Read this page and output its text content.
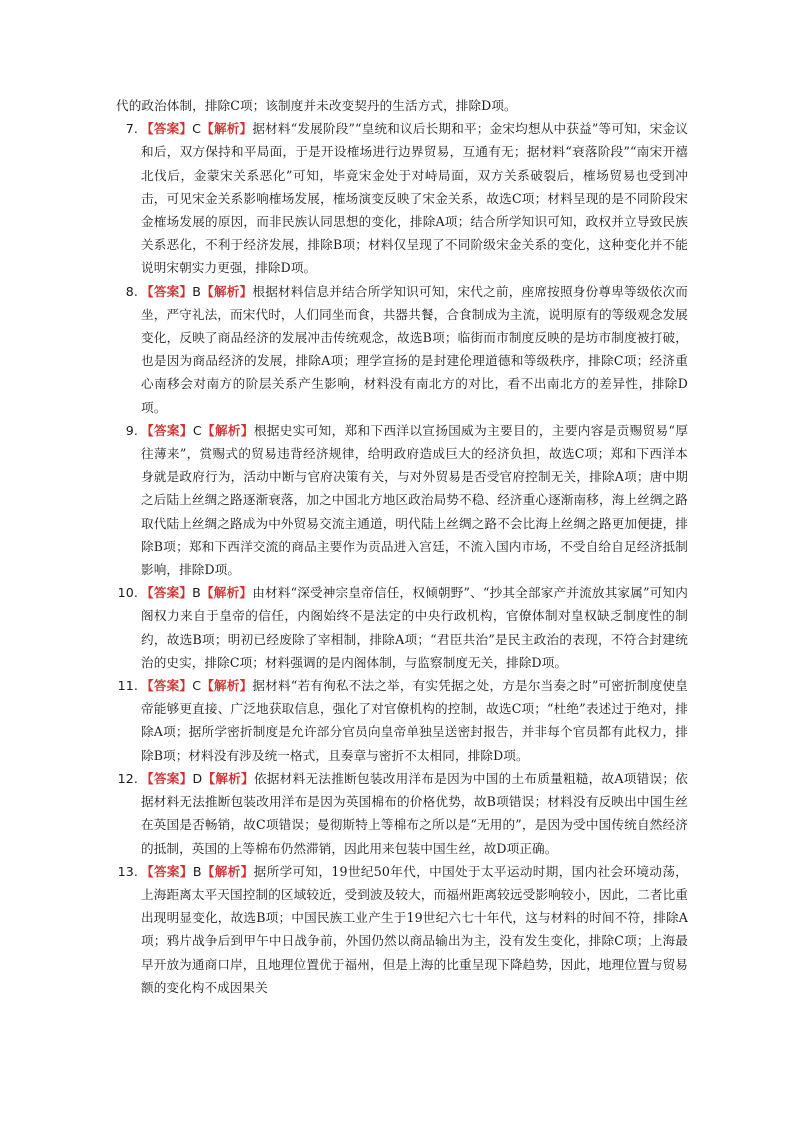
代的政治体制，排除C项；该制度并未改变契丹的生活方式，排除D项。

7. 【答案】C【解析】据材料“发展阶段”“皇统和议后长期和平；金宋均想从中获益”等可知，宋金议和后，双方保持和平局面，于是开设榷场进行边界贸易，互通有无；据材料“衰落阶段”“南宋开禧北伐后，金蒙宋关系恶化”可知，毕竟宋金处于对峙局面，双方关系破裂后，榷场贸易也受到冲击，可见宋金关系影响榷场发展，榷场演变反映了宋金关系，故选C项；材料呈现的是不同阶段宋金榷场发展的原因，而非民族认同思想的变化，排除A项；结合所学知识可知，政权并立导致民族关系恶化，不利于经济发展，排除B项；材料仅呈现了不同阶级宋金关系的变化，这种变化并不能说明宋朝实力更强，排除D项。

8. 【答案】B【解析】根据材料信息并结合所学知识可知，宋代之前，座席按照身份尊卑等级依次而坐，严守礼法，而宋代时，人们同坐而食，共器共餐，合食制成为主流，说明原有的等级观念发展变化，反映了商品经济的发展冲击传统观念，故选B项；临街而市制度反映的是坊市制度被打破，也是因为商品经济的发展，排除A项；理学宣扬的是封建伦理道德和等级秩序，排除C项；经济重心南移会对南方的阶层关系产生影响，材料没有南北方的对比，看不出南北方的差异性，排除D项。

9. 【答案】C【解析】根据史实可知，郑和下西洋以宣扬国威为主要目的，主要内容是贡赐贸易“厚往薄来”，赏赐式的贸易违背经济规律，给明政府造成巨大的经济负担，故选C项；郑和下西洋本身就是政府行为，活动中断与官府决策有关，与对外贸易是否受官府控制无关，排除A项；唐中期之后陆上丝绸之路逐渐衰落，加之中国北方地区政治局势不稳、经济重心逐渐南移，海上丝绸之路取代陆上丝绸之路成为中外贸易交流主通道，明代陆上丝绸之路不会比海上丝绸之路更加便捷，排除B项；郑和下西洋交流的商品主要作为贡品进入宫廷，不流入国内市场，不受自给自足经济抵制影响，排除D项。

10. 【答案】B【解析】由材料“深受神宗皇帝信任，权倾朝野”、“抄其全部家产并流放其家属”可知内阁权力来自于皇帝的信任，内阁始终不是法定的中央行政机构，官僚体制对皇权缺乏制度性的制约，故选B项；明初已经废除了宰相制，排除A项；“君臣共治”是民主政治的表现，不符合封建统治的史实，排除C项；材料强调的是内阁体制，与监察制度无关，排除D项。

11. 【答案】C【解析】据材料“若有徇私不法之举，有实凭据之处，方是尔当奏之时”可密折制度使皇帝能够更直接、广泛地获取信息，强化了对官僚机构的控制，故选C项；“杜绝”表述过于绝对，排除A项；据所学密折制度是允许部分官员向皇帝单独呈送密封报告，并非每个官员都有此权力，排除B项；材料没有涉及统一格式，且奏章与密折不太相同，排除D项。

12. 【答案】D【解析】依据材料无法推断包装改用洋布是因为中国的土布质量粗糙，故A项错误；依据材料无法推断包装改用洋布是因为英国棉布的价格优势，故B项错误；材料没有反映出中国生丝在英国是否畅销，故C项错误；曼彻斯特上等棉布之所以是“无用的”，是因为受中国传统自然经济的抵制，英国的上等棉布仍然滞销，因此用来包装中国生丝，故D项正确。

13. 【答案】B【解析】据所学可知，19世纪50年代，中国处于太平运动时期，国内社会环境动荡，上海距离太平天国控制的区域较近，受到波及较大，而福州距离较远受影响较小，因此，二者比重出现明显变化，故选B项；中国民族工业产生于19世纪六七十年代，这与材料的时间不符，排除A项；鸦片战争后到甲午中日战争前，外国仍然以商品输出为主，没有发生变化，排除C项；上海最早开放为通商口岸，且地理位置优于福州，但是上海的比重呈现下降趋势，因此，地理位置与贸易额的变化构不成因果关
